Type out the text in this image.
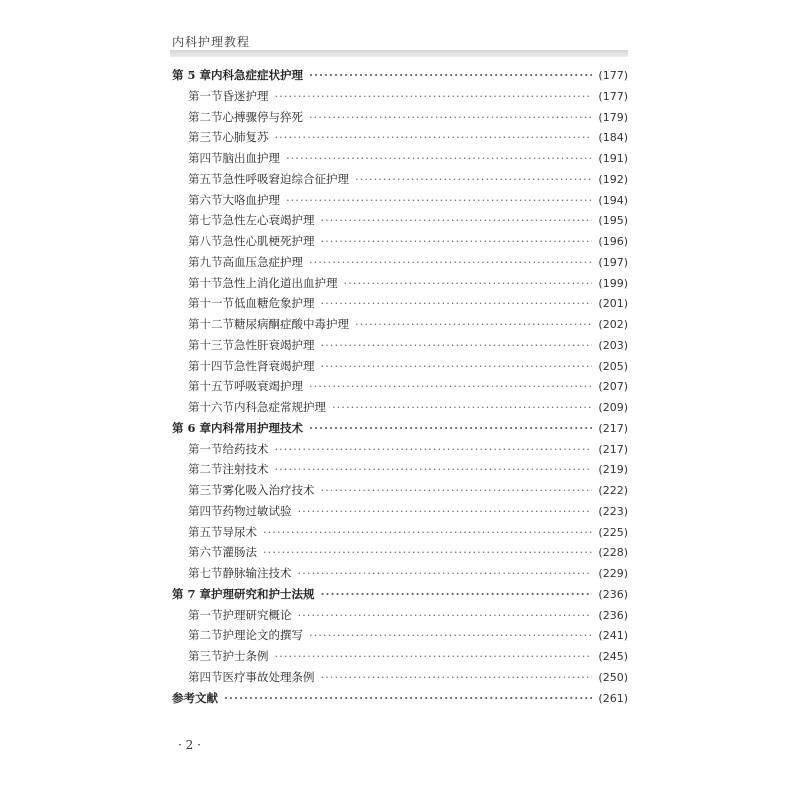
内科护理教程
第 5 章 内科急症症状护理 ·····	(177)
第一节 昏迷护理 ·····	(177)
第二节 心搏骤停与猝死 ·····	(179)
第三节 心肺复苏 ·····	(184)
第四节 脑出血护理 ·····	(191)
第五节 急性呼吸窘迫综合征护理 ·····	(192)
第六节 大咯血护理 ·····	(194)
第七节 急性左心衰竭护理 ·····	(195)
第八节 急性心肌梗死护理 ·····	(196)
第九节 高血压急症护理 ·····	(197)
第十节 急性上消化道出血护理 ·····	(199)
第十一节 低血糖危象护理 ·····	(201)
第十二节 糖尿病酮症酸中毒护理 ·····	(202)
第十三节 急性肝衰竭护理 ·····	(203)
第十四节 急性肾衰竭护理 ·····	(205)
第十五节 呼吸衰竭护理 ·····	(207)
第十六节 内科急症常规护理 ·····	(209)
第 6 章 内科常用护理技术 ·····	(217)
第一节 给药技术 ·····	(217)
第二节 注射技术 ·····	(219)
第三节 雾化吸入治疗技术 ·····	(222)
第四节 药物过敏试验 ·····	(223)
第五节 导尿术 ·····	(225)
第六节 灌肠法 ·····	(228)
第七节 静脉输注技术 ·····	(229)
第 7 章 护理研究和护士法规 ·····	(236)
第一节 护理研究概论 ·····	(236)
第二节 护理论文的撰写 ·····	(241)
第三节 护士条例 ·····	(245)
第四节 医疗事故处理条例 ·····	(250)
参考文献 ·····	(261)
· 2 ·
